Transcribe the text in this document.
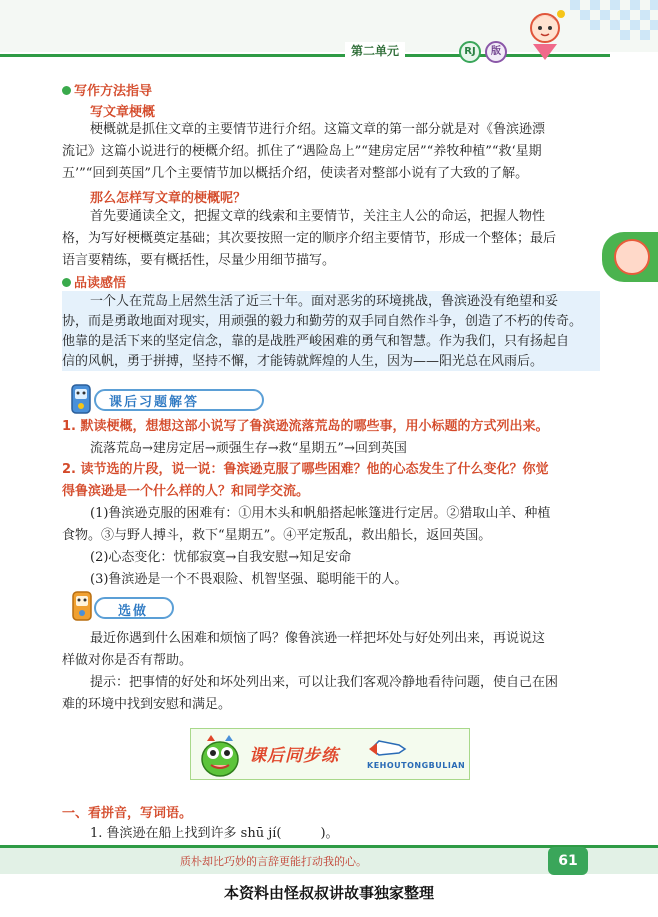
第二单元	RJ	版
写作方法指导
写文章梗概
梗概就是抓住文章的主要情节进行介绍。这篇文章的第一部分就是对《鲁滨逊漂
流记》这篇小说进行的梗概介绍。抓住了“遇险岛上”“建房定居”“养牧种植”“救‘星期
五’”“回到英国”几个主要情节加以概括介绍，使读者对整部小说有了大致的了解。
那么怎样写文章的梗概呢？
首先要通读全文，把握文章的线索和主要情节，关注主人公的命运，把握人物性
格，为写好梗概奠定基础；其次要按照一定的顺序介绍主要情节，形成一个整体；最后
语言要精练，要有概括性，尽量少用细节描写。
品读感悟
一个人在荒岛上居然生活了近三十年。面对恶劣的环境挑战，鲁滨逊没有绝望和妥
协，而是勇敢地面对现实，用顽强的毅力和勤劳的双手同自然作斗争，创造了不朽的传奇。
他靠的是活下来的坚定信念，靠的是战胜严峻困难的勇气和智慧。作为我们，只有扬起自
信的风帆，勇于拼搏，坚持不懈，才能铸就辉煌的人生，因为——阳光总在风雨后。
课后习题解答
1. 默读梗概，想想这部小说写了鲁滨逊流落荒岛的哪些事，用小标题的方式列出来。
流落荒岛→建房定居→顽强生存→救“星期五”→回到英国
2. 读节选的片段，说一说：鲁滨逊克服了哪些困难？他的心态发生了什么变化？你觉
得鲁滨逊是一个什么样的人？和同学交流。
(1)鲁滨逊克服的困难有：①用木头和帆船搭起帐篷进行定居。②猎取山羊、种植
食物。③与野人搏斗，救下“星期五”。④平定叛乱，救出船长，返回英国。
(2)心态变化：忧郁寂寞→自我安慰→知足安命
(3)鲁滨逊是一个不畏艰险、机智坚强、聪明能干的人。
选做
最近你遇到什么困难和烦恼了吗？像鲁滨逊一样把坏处与好处列出来，再说说这
样做对你是否有帮助。
提示：把事情的好处和坏处列出来，可以让我们客观冷静地看待问题，使自己在困
难的环境中找到安慰和满足。
课后同步练	KEHOUTONGBULIAN
一、看拼音，写词语。
1. 鲁滨逊在船上找到许多 shū jí(　　　)。
质朴却比巧妙的言辞更能打动我的心。	61
本资料由怪叔叔讲故事独家整理
